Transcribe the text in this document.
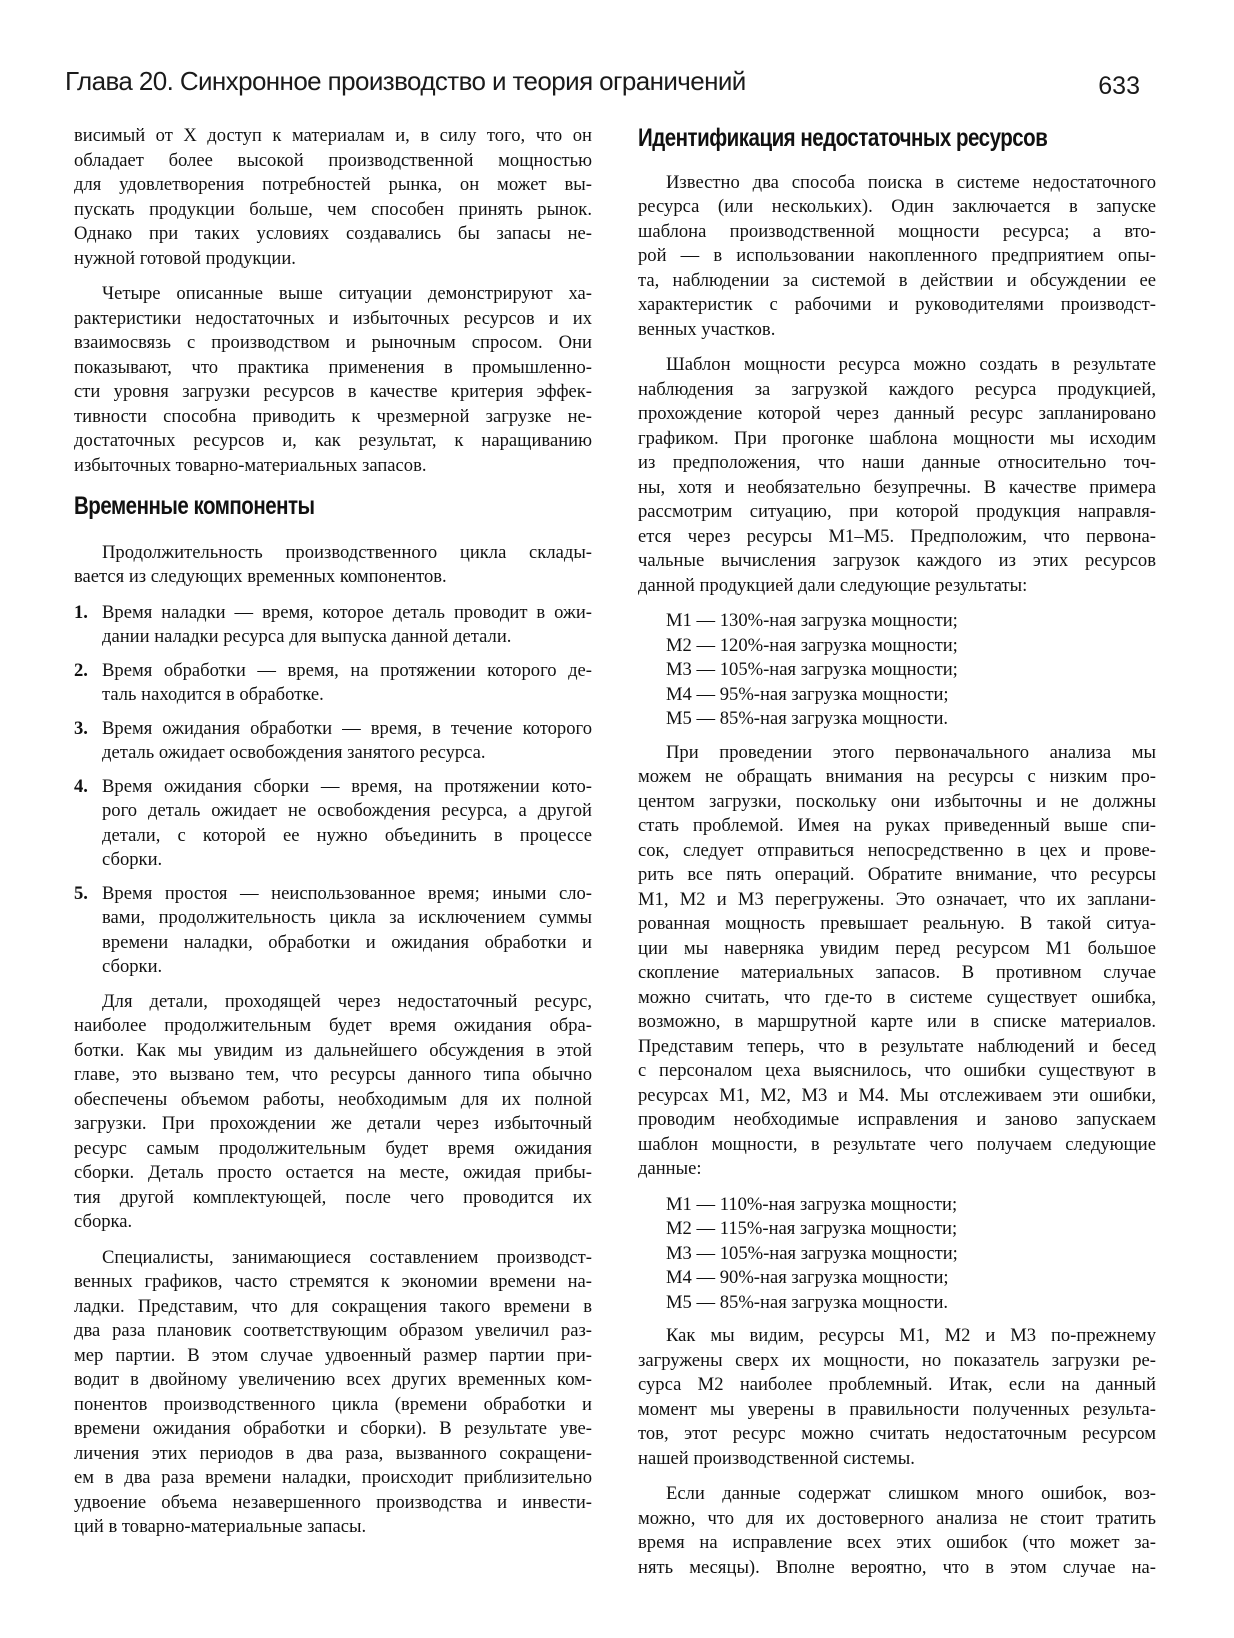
Глава 20. Синхронное производство и теория ограничений	633
висимый от X доступ к материалам и, в силу того, что он
обладает более высокой производственной мощностью
для удовлетворения потребностей рынка, он может вы-
пускать продукции больше, чем способен принять рынок.
Однако при таких условиях создавались бы запасы не-
нужной готовой продукции.
Четыре описанные выше ситуации демонстрируют ха-
рактеристики недостаточных и избыточных ресурсов и их
взаимосвязь с производством и рыночным спросом. Они
показывают, что практика применения в промышленно-
сти уровня загрузки ресурсов в качестве критерия эффек-
тивности способна приводить к чрезмерной загрузке не-
достаточных ресурсов и, как результат, к наращиванию
избыточных товарно-материальных запасов.
Временные компоненты
Продолжительность производственного цикла склады-
вается из следующих временных компонентов.
1. Время наладки — время, которое деталь проводит в ожи-
дании наладки ресурса для выпуска данной детали.
2. Время обработки — время, на протяжении которого де-
таль находится в обработке.
3. Время ожидания обработки — время, в течение которого
деталь ожидает освобождения занятого ресурса.
4. Время ожидания сборки — время, на протяжении кото-
рого деталь ожидает не освобождения ресурса, а другой
детали, с которой ее нужно объединить в процессе
сборки.
5. Время простоя — неиспользованное время; иными сло-
вами, продолжительность цикла за исключением суммы
времени наладки, обработки и ожидания обработки и
сборки.
Для детали, проходящей через недостаточный ресурс,
наиболее продолжительным будет время ожидания обра-
ботки. Как мы увидим из дальнейшего обсуждения в этой
главе, это вызвано тем, что ресурсы данного типа обычно
обеспечены объемом работы, необходимым для их полной
загрузки. При прохождении же детали через избыточный
ресурс самым продолжительным будет время ожидания
сборки. Деталь просто остается на месте, ожидая прибы-
тия другой комплектующей, после чего проводится их
сборка.
Специалисты, занимающиеся составлением производст-
венных графиков, часто стремятся к экономии времени на-
ладки. Представим, что для сокращения такого времени в
два раза плановик соответствующим образом увеличил раз-
мер партии. В этом случае удвоенный размер партии при-
водит в двойному увеличению всех других временных ком-
понентов производственного цикла (времени обработки и
времени ожидания обработки и сборки). В результате уве-
личения этих периодов в два раза, вызванного сокращени-
ем в два раза времени наладки, происходит приблизительно
удвоение объема незавершенного производства и инвести-
ций в товарно-материальные запасы.
Идентификация недостаточных ресурсов
Известно два способа поиска в системе недостаточного
ресурса (или нескольких). Один заключается в запуске
шаблона производственной мощности ресурса; а вто-
рой — в использовании накопленного предприятием опы-
та, наблюдении за системой в действии и обсуждении ее
характеристик с рабочими и руководителями производст-
венных участков.
Шаблон мощности ресурса можно создать в результате
наблюдения за загрузкой каждого ресурса продукцией,
прохождение которой через данный ресурс запланировано
графиком. При прогонке шаблона мощности мы исходим
из предположения, что наши данные относительно точ-
ны, хотя и необязательно безупречны. В качестве примера
рассмотрим ситуацию, при которой продукция направля-
ется через ресурсы M1–M5. Предположим, что первона-
чальные вычисления загрузок каждого из этих ресурсов
данной продукцией дали следующие результаты:
M1 — 130%-ная загрузка мощности;
M2 — 120%-ная загрузка мощности;
M3 — 105%-ная загрузка мощности;
M4 — 95%-ная загрузка мощности;
M5 — 85%-ная загрузка мощности.
При проведении этого первоначального анализа мы
можем не обращать внимания на ресурсы с низким про-
центом загрузки, поскольку они избыточны и не должны
стать проблемой. Имея на руках приведенный выше спи-
сок, следует отправиться непосредственно в цех и прове-
рить все пять операций. Обратите внимание, что ресурсы
M1, M2 и M3 перегружены. Это означает, что их заплани-
рованная мощность превышает реальную. В такой ситуа-
ции мы наверняка увидим перед ресурсом M1 большое
скопление материальных запасов. В противном случае
можно считать, что где-то в системе существует ошибка,
возможно, в маршрутной карте или в списке материалов.
Представим теперь, что в результате наблюдений и бесед
с персоналом цеха выяснилось, что ошибки существуют в
ресурсах M1, M2, M3 и M4. Мы отслеживаем эти ошибки,
проводим необходимые исправления и заново запускаем
шаблон мощности, в результате чего получаем следующие
данные:
M1 — 110%-ная загрузка мощности;
M2 — 115%-ная загрузка мощности;
M3 — 105%-ная загрузка мощности;
M4 — 90%-ная загрузка мощности;
M5 — 85%-ная загрузка мощности.
Как мы видим, ресурсы M1, M2 и M3 по-прежнему
загружены сверх их мощности, но показатель загрузки ре-
сурса M2 наиболее проблемный. Итак, если на данный
момент мы уверены в правильности полученных результа-
тов, этот ресурс можно считать недостаточным ресурсом
нашей производственной системы.
Если данные содержат слишком много ошибок, воз-
можно, что для их достоверного анализа не стоит тратить
время на исправление всех этих ошибок (что может за-
нять месяцы). Вполне вероятно, что в этом случае на-
